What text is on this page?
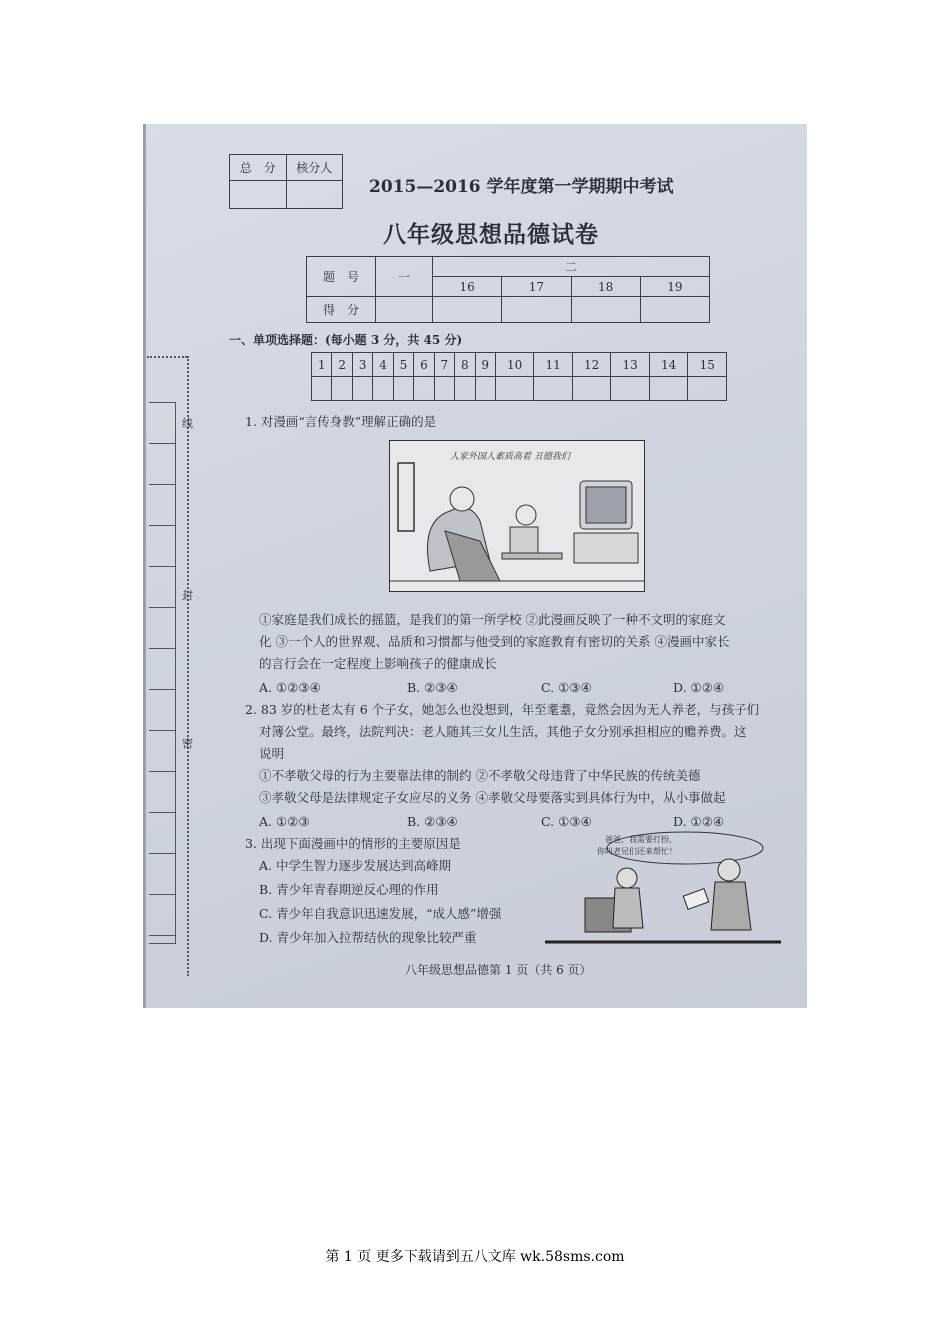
线
封
密
总　分	核分人

2015—2016 学年度第一学期期中考试
八年级思想品德试卷
题　号	一	二			
		16	17	18	19
得　分					
一、单项选择题：(每小题 3 分，共 45 分)
1	2	3	4	5	6	7	8	9	10	11	12	13	14	15

1. 对漫画“言传身教”理解正确的是
人家外国人素质高着 丑德我们
①家庭是我们成长的摇篮，是我们的第一所学校 ②此漫画反映了一种不文明的家庭文
化 ③一个人的世界观、品质和习惯都与他受到的家庭教育有密切的关系 ④漫画中家长
的言行会在一定程度上影响孩子的健康成长
A. ①②③④	B. ②③④	C. ①③④	D. ①②④
2. 83 岁的杜老太有 6 个子女，她怎么也没想到，年至耄耋，竟然会因为无人养老，与孩子们
对簿公堂。最终，法院判决：老人随其三女儿生活，其他子女分别承担相应的赡养费。这
说明
①不孝敬父母的行为主要靠法律的制约 ②不孝敬父母违背了中华民族的传统美德
③孝敬父母是法律规定子女应尽的义务 ④孝敬父母要落实到具体行为中，从小事做起
A. ①②③	B. ②③④	C. ①③④	D. ①②④
3. 出现下面漫画中的情形的主要原因是
A. 中学生智力逐步发展达到高峰期
B. 青少年青春期逆反心理的作用
C. 青少年自我意识迅速发展，“成人感”增强
D. 青少年加入拉帮结伙的现象比较严重
爸爸，我需要打扮，
你叫老兄们还来帮忙！
八年级思想品德第 1 页（共 6 页）
第 1 页 更多下载请到五八文库 wk.58sms.com
